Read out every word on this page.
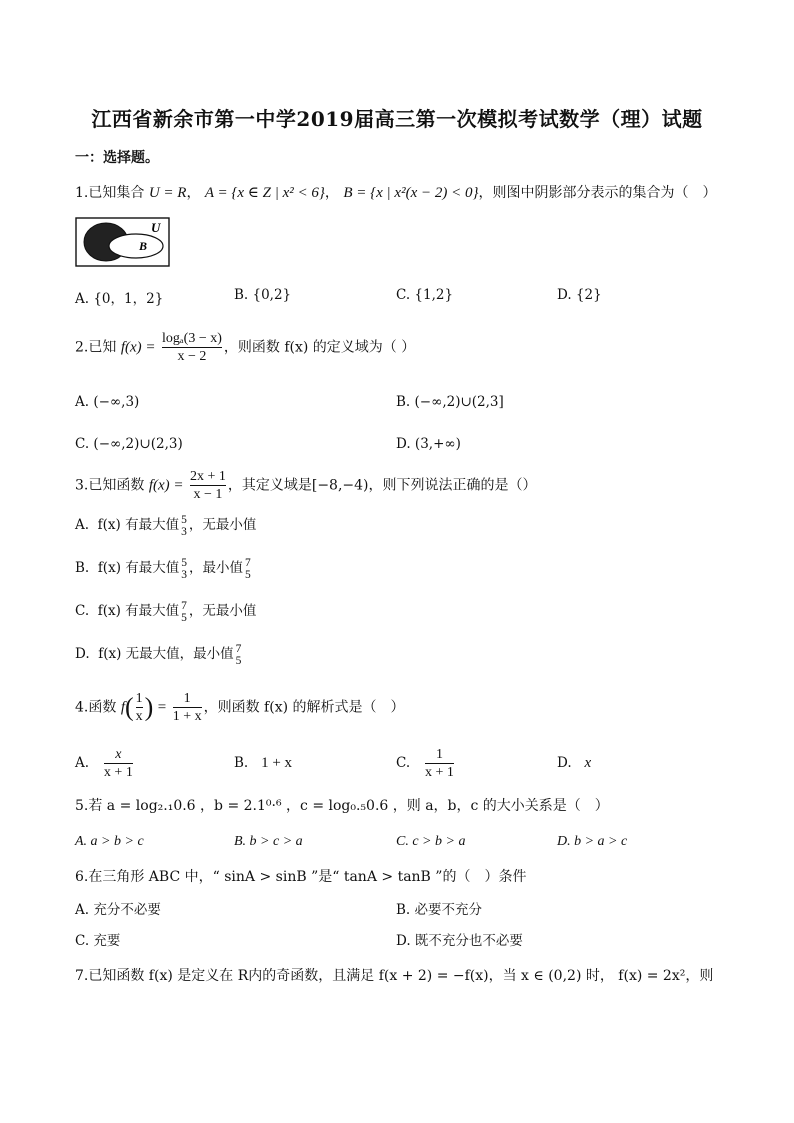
江西省新余市第一中学2019届高三第一次模拟考试数学（理）试题
一：选择题。
1.已知集合 U = R， A = {x ∈ Z | x² < 6}， B = {x | x²(x − 2) < 0}，则图中阴影部分表示的集合为（　）
U
B
A. {0，1，2}	B. {0,2}	C. {1,2}	D. {2}
2.已知 $f(x) = \frac{\text{logₐ(3 − x)}}{x - 2}$ ，则函数 f(x) 的定义域为（ ）
A. (−∞,3)	B. (−∞,2)∪(2,3]
C. (−∞,2)∪(2,3)	D. (3,+∞)
3.已知函数 $f(x) = \frac{2x + 1}{x - 1}$ ，其定义域是[−8,−4)，则下列说法正确的是（）
A. f(x) 有最大值 5
3 ，无最小值
B. f(x) 有最大值 5
3 ，最小值 7
5
C. f(x) 有最大值 7
5 ，无最小值
D. f(x) 无最大值，最小值 7
5
4.函数 $f( \frac{1}{x}$ ) = $\frac{1}{1 + x}$ ，则函数 f(x) 的解析式是（　）
A. $\frac{x}{x + 1}$	B. 1 + x	C. $\frac{1}{x + 1}$	D. x
5.若 a = log₂.₁0.6 ，b = 2.1⁰·⁶ ，c = log₀.₅0.6 ，则 a，b，c 的大小关系是（　）
A. a > b > c	B. b > c > a	C. c > b > a	D. b > a > c
6.在三角形 ABC 中，“ sinA > sinB ”是“ tanA > tanB ”的（　）条件
A. 充分不必要	B. 必要不充分
C. 充要	D. 既不充分也不必要
7.已知函数 f(x) 是定义在 R内的奇函数，且满足 f(x + 2) = −f(x)，当 x ∈ (0,2) 时， f(x) = 2x²，则
